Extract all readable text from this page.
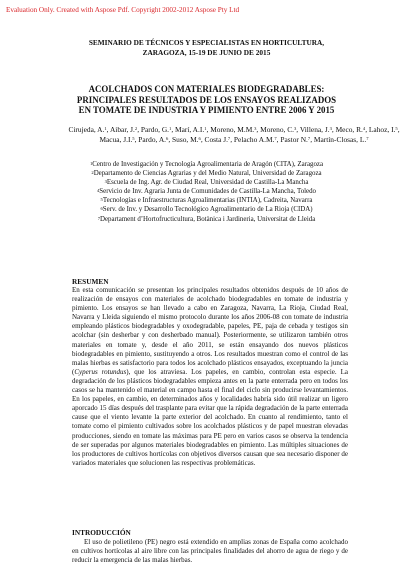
Evaluation Only. Created with Aspose Pdf. Copyright 2002-2012 Aspose Pty Ltd
SEMINARIO DE TÉCNICOS Y ESPECIALISTAS EN HORTICULTURA,
ZARAGOZA, 15-19 DE JUNIO DE 2015
ACOLCHADOS CON MATERIALES BIODEGRADABLES:
PRINCIPALES RESULTADOS DE LOS ENSAYOS REALIZADOS
EN TOMATE DE INDUSTRIA Y PIMIENTO ENTRE 2006 Y 2015
Cirujeda, A.$^1$, Aibar, J.$^2$, Pardo, G.$^1$, Marí, A.I.$^1$, Moreno, M.M.$^3$, Moreno, C.$^3$, Villena, J.$^3$, Meco, R.$^4$, Lahoz, I.$^5$, Macua, J.I.$^5$, Pardo, A.$^6$, Suso, M.$^6$, Costa J.$^7$, Pelacho A.M.$^7$, Pastor N.$^7$, Martín-Closas, L.$^7$
$^1$Centro de Investigación y Tecnología Agroalimentaria de Aragón (CITA), Zaragoza
$^2$Departamento de Ciencias Agrarias y del Medio Natural, Universidad de Zaragoza
$^3$Escuela de Ing. Agr. de Ciudad Real, Universidad de Castilla-La Mancha
$^4$Servicio de Inv. Agraria Junta de Comunidades de Castilla-La Mancha, Toledo
$^5$Tecnologías e Infraestructuras Agroalimentarias (INTIA), Cadreita, Navarra
$^6$Serv. de Inv. y Desarrollo Tecnológico Agroalimentario de La Rioja (CIDA)
$^7$Departament d’Hortofructicultura, Botànica i Jardineria, Universitat de Lleida
RESUMEN
En esta comunicación se presentan los principales resultados obtenidos después de 10 años de realización de ensayos con materiales de acolchado biodegradables en tomate de industria y pimiento. Los ensayos se han llevado a cabo en Zaragoza, Navarra, La Rioja, Ciudad Real, Navarra y Lleida siguiendo el mismo protocolo durante los años 2006-08 con tomate de industria empleando plásticos biodegradables y oxodegradable, papeles, PE, paja de cebada y testigos sin acolchar (sin desherbar y con desherbado manual). Posteriormente, se utilizaron también otros materiales en tomate y, desde el año 2011, se están ensayando dos nuevos plásticos biodegradables en pimiento, sustituyendo a otros. Los resultados muestran como el control de las malas hierbas es satisfactorio para todos los acolchado plásticos ensayados, exceptuando la juncia (Cyperus rotundus), que los atraviesa. Los papeles, en cambio, controlan esta especie. La degradación de los plásticos biodegradables empieza antes en la parte enterrada pero en todos los casos se ha mantenido el material en campo hasta el final del ciclo sin producirse levantamientos. En los papeles, en cambio, en determinados años y localidades habría sido útil realizar un ligero aporcado 15 días después del trasplante para evitar que la rápida degradación de la parte enterrada cause que el viento levante la parte exterior del acolchado. En cuanto al rendimiento, tanto el tomate como el pimiento cultivados sobre los acolchados plásticos y de papel muestran elevadas producciones, siendo en tomate las máximas para PE pero en varios casos se observa la tendencia de ser superadas por algunos materiales biodegradables en pimiento. Las múltiples situaciones de los productores de cultivos hortícolas con objetivos diversos causan que sea necesario disponer de variados materiales que solucionen las respectivas problemáticas.
INTRODUCCIÓN
El uso de polietileno (PE) negro está extendido en amplias zonas de España como acolchado en cultivos hortícolas al aire libre con las principales finalidades del ahorro de agua de riego y de reducir la emergencia de las malas hierbas.
